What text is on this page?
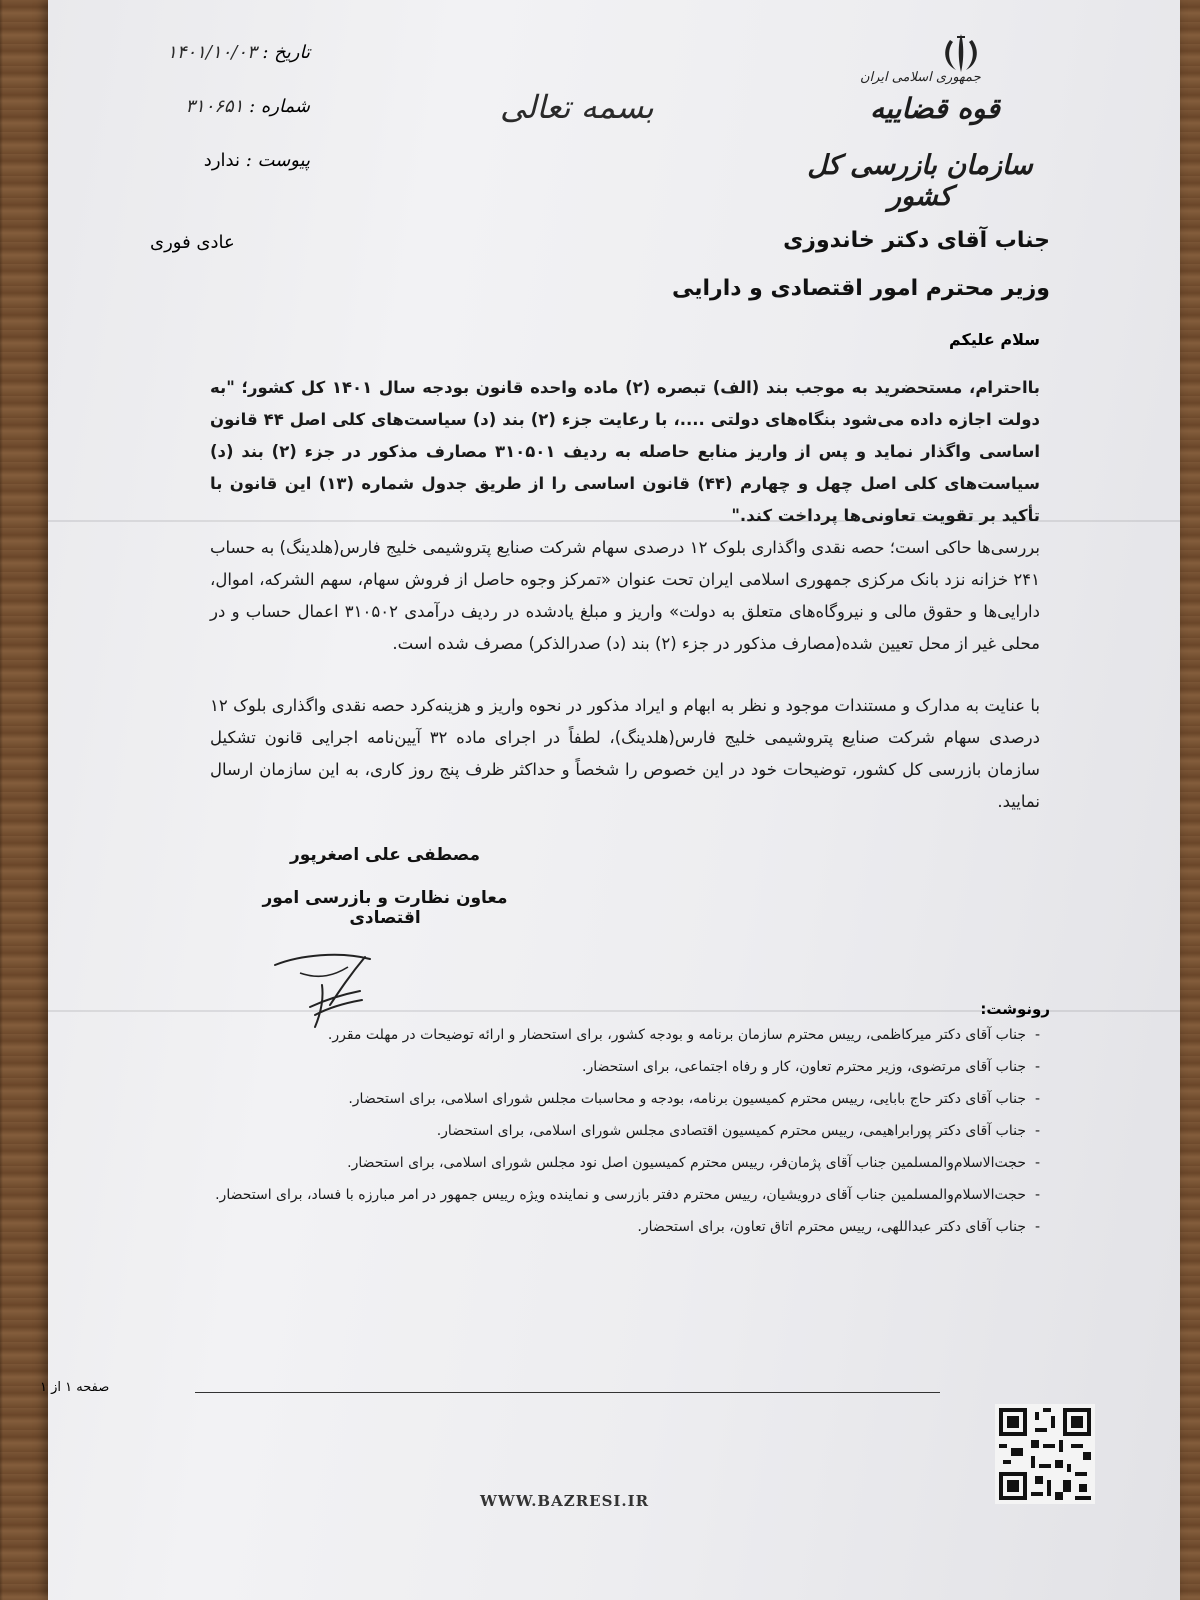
جمهوری اسلامی ایران
قوه قضاییه
سازمان بازرسی کل کشور
بسمه تعالی
تاریخ : ۱۴۰۱/۱۰/۰۳
شماره : ۳۱۰۶۵۱
پیوست : ندارد
عادی فوری	جناب آقای دکتر خاندوزی
وزیر محترم امور اقتصادی و دارایی
سلام علیکم
بااحترام، مستحضرید به موجب بند (الف) تبصره (۲) ماده واحده قانون بودجه سال ۱۴۰۱ کل کشور؛ "به دولت اجازه داده می‌شود بنگاه‌های دولتی ....، با رعایت جزء (۲) بند (د) سیاست‌های کلی اصل ۴۴ قانون اساسی واگذار نماید و پس از واریز منابع حاصله به ردیف ۳۱۰۵۰۱ مصارف مذکور در جزء (۲) بند (د) سیاست‌های کلی اصل چهل و چهارم (۴۴) قانون اساسی را از طریق جدول شماره (۱۳) این قانون با تأکید بر تقویت تعاونی‌ها پرداخت کند."
بررسی‌ها حاکی است؛ حصه نقدی واگذاری بلوک ۱۲ درصدی سهام شرکت صنایع پتروشیمی خلیج فارس(هلدینگ) به حساب ۲۴۱ خزانه نزد بانک مرکزی جمهوری اسلامی ایران تحت عنوان «تمرکز وجوه حاصل از فروش سهام، سهم الشرکه، اموال، دارایی‌ها و حقوق مالی و نیروگاه‌های متعلق به دولت» واریز و مبلغ یادشده در ردیف درآمدی ۳۱۰۵۰۲ اعمال حساب و در محلی غیر از محل تعیین شده(مصارف مذکور در جزء (۲) بند (د) صدرالذکر) مصرف شده است.
با عنایت به مدارک و مستندات موجود و نظر به ابهام و ایراد مذکور در نحوه واریز و هزینه‌کرد حصه نقدی واگذاری بلوک ۱۲ درصدی سهام شرکت صنایع پتروشیمی خلیج فارس(هلدینگ)، لطفاً در اجرای ماده ۳۲ آیین‌نامه اجرایی قانون تشکیل سازمان بازرسی کل کشور، توضیحات خود در این خصوص را شخصاً و حداکثر ظرف پنج روز کاری، به این سازمان ارسال نمایید.
مصطفی علی اصغرپور
معاون نظارت و بازرسی امور اقتصادی
رونوشت:
- جناب آقای دکتر میرکاظمی، رییس محترم سازمان برنامه و بودجه کشور، برای استحضار و ارائه توضیحات در مهلت مقرر.
- جناب آقای مرتضوی، وزیر محترم تعاون، کار و رفاه اجتماعی، برای استحضار.
- جناب آقای دکتر حاج بابایی، رییس محترم کمیسیون برنامه، بودجه و محاسبات مجلس شورای اسلامی، برای استحضار.
- جناب آقای دکتر پورابراهیمی، رییس محترم کمیسیون اقتصادی مجلس شورای اسلامی، برای استحضار.
- حجت‌الاسلام‌والمسلمین جناب آقای پژمان‌فر، رییس محترم کمیسیون اصل نود مجلس شورای اسلامی، برای استحضار.
- حجت‌الاسلام‌والمسلمین جناب آقای درویشیان، رییس محترم دفتر بازرسی و نماینده ویژه رییس جمهور در امر مبارزه با فساد، برای استحضار.
- جناب آقای دکتر عبداللهی، رییس محترم اتاق تعاون، برای استحضار.
صفحه ۱ از ۱
WWW.BAZRESI.IR
